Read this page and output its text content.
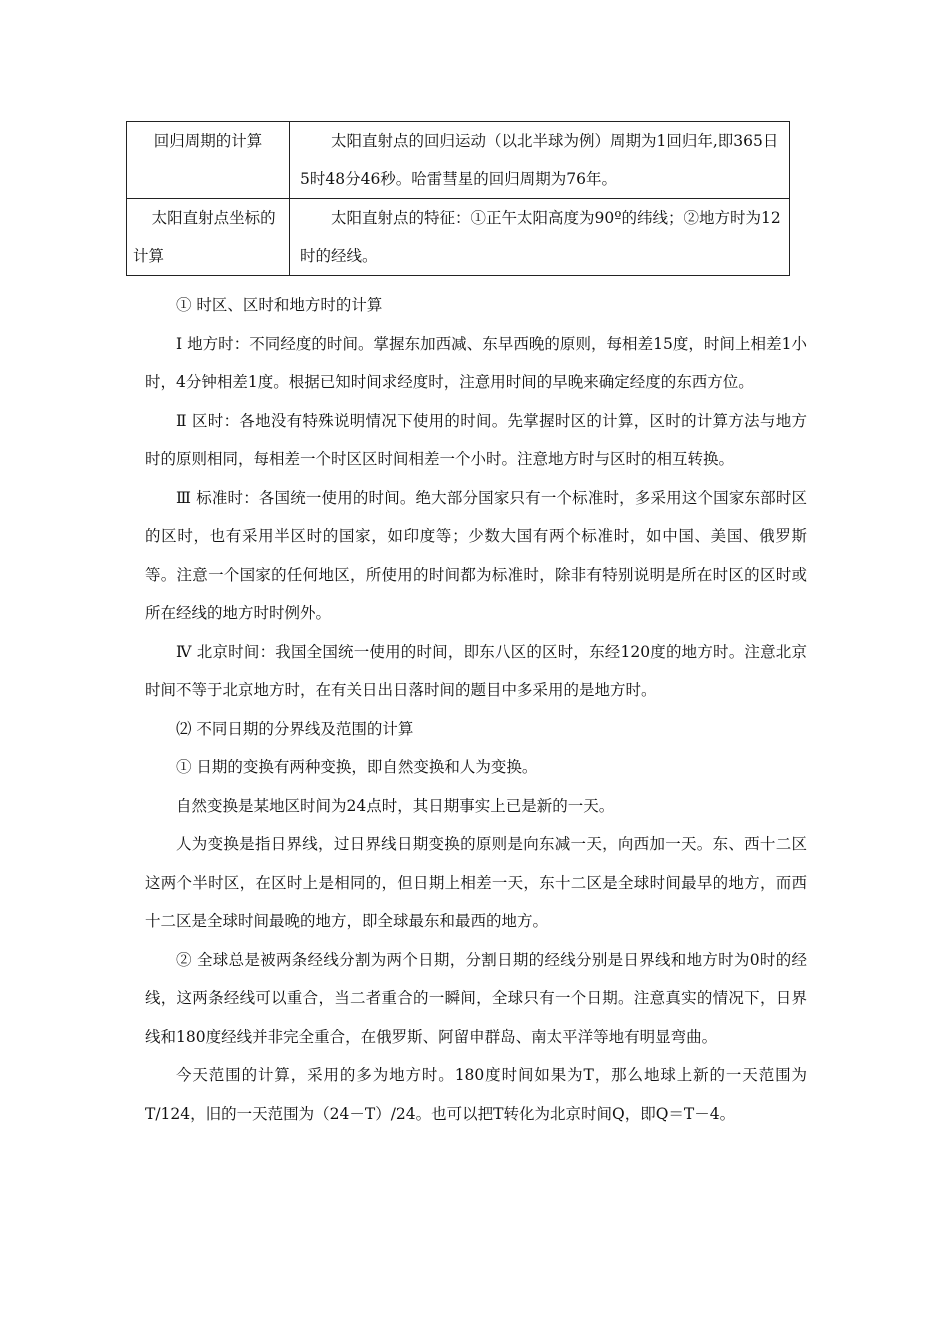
回归周期的计算	太阳直射点的回归运动（以北半球为例）周期为1回归年,即365日5时48分46秒。哈雷彗星的回归周期为76年。
太阳直射点坐标的计算	太阳直射点的特征：①正午太阳高度为90º的纬线；②地方时为12时的经线。

① 时区、区时和地方时的计算

Ⅰ 地方时：不同经度的时间。掌握东加西减、东早西晚的原则，每相差15度，时间上相差1小时，4分钟相差1度。根据已知时间求经度时，注意用时间的早晚来确定经度的东西方位。

Ⅱ 区时：各地没有特殊说明情况下使用的时间。先掌握时区的计算，区时的计算方法与地方时的原则相同，每相差一个时区区时间相差一个小时。注意地方时与区时的相互转换。

Ⅲ 标准时：各国统一使用的时间。绝大部分国家只有一个标准时，多采用这个国家东部时区的区时，也有采用半区时的国家，如印度等；少数大国有两个标准时，如中国、美国、俄罗斯等。注意一个国家的任何地区，所使用的时间都为标准时，除非有特别说明是所在时区的区时或所在经线的地方时时例外。

Ⅳ 北京时间：我国全国统一使用的时间，即东八区的区时，东经120度的地方时。注意北京时间不等于北京地方时，在有关日出日落时间的题目中多采用的是地方时。

⑵ 不同日期的分界线及范围的计算

① 日期的变换有两种变换，即自然变换和人为变换。

自然变换是某地区时间为24点时，其日期事实上已是新的一天。

人为变换是指日界线，过日界线日期变换的原则是向东减一天，向西加一天。东、西十二区这两个半时区，在区时上是相同的，但日期上相差一天，东十二区是全球时间最早的地方，而西十二区是全球时间最晚的地方，即全球最东和最西的地方。

② 全球总是被两条经线分割为两个日期，分割日期的经线分别是日界线和地方时为0时的经线，这两条经线可以重合，当二者重合的一瞬间，全球只有一个日期。注意真实的情况下，日界线和180度经线并非完全重合，在俄罗斯、阿留申群岛、南太平洋等地有明显弯曲。

今天范围的计算，采用的多为地方时。180度时间如果为T，那么地球上新的一天范围为T/124，旧的一天范围为（24－T）/24。也可以把T转化为北京时间Q，即Q＝T－4。
